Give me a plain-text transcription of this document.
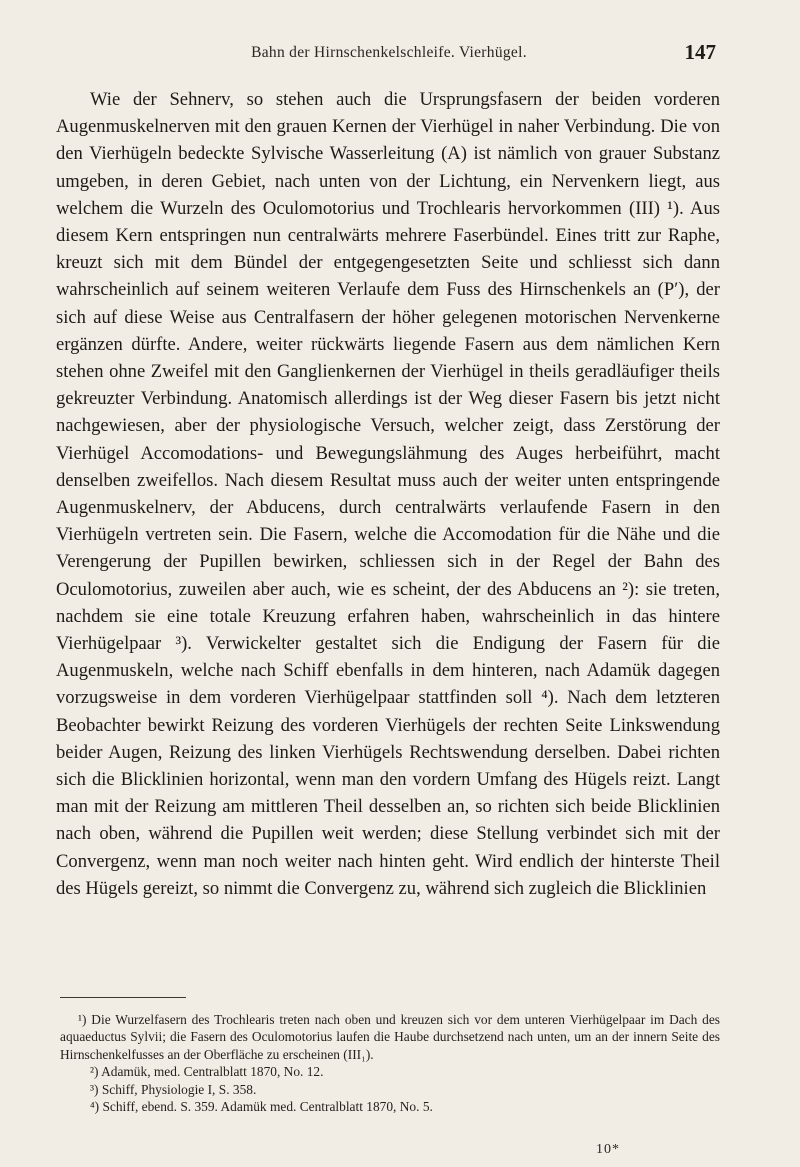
Bahn der Hirnschenkelschleife. Vierhügel.	147

Wie der Sehnerv, so stehen auch die Ursprungsfasern der beiden vorderen Augenmuskelnerven mit den grauen Kernen der Vierhügel in naher Verbindung. Die von den Vierhügeln bedeckte Sylvische Wasserleitung (A) ist nämlich von grauer Substanz umgeben, in deren Gebiet, nach unten von der Lichtung, ein Nervenkern liegt, aus welchem die Wurzeln des Oculomotorius und Trochlearis hervorkommen (III) ¹). Aus diesem Kern entspringen nun centralwärts mehrere Faserbündel. Eines tritt zur Raphe, kreuzt sich mit dem Bündel der entgegengesetzten Seite und schliesst sich dann wahrscheinlich auf seinem weiteren Verlaufe dem Fuss des Hirnschenkels an (P′), der sich auf diese Weise aus Centralfasern der höher gelegenen motorischen Nervenkerne ergänzen dürfte. Andere, weiter rückwärts liegende Fasern aus dem nämlichen Kern stehen ohne Zweifel mit den Ganglienkernen der Vierhügel in theils geradläufiger theils gekreuzter Verbindung. Anatomisch allerdings ist der Weg dieser Fasern bis jetzt nicht nachgewiesen, aber der physiologische Versuch, welcher zeigt, dass Zerstörung der Vierhügel Accomodations- und Bewegungslähmung des Auges herbeiführt, macht denselben zweifellos. Nach diesem Resultat muss auch der weiter unten entspringende Augenmuskelnerv, der Abducens, durch centralwärts verlaufende Fasern in den Vierhügeln vertreten sein. Die Fasern, welche die Accomodation für die Nähe und die Verengerung der Pupillen bewirken, schliessen sich in der Regel der Bahn des Oculomotorius, zuweilen aber auch, wie es scheint, der des Abducens an ²): sie treten, nachdem sie eine totale Kreuzung erfahren haben, wahrscheinlich in das hintere Vierhügelpaar ³). Verwickelter gestaltet sich die Endigung der Fasern für die Augenmuskeln, welche nach Schiff ebenfalls in dem hinteren, nach Adamük dagegen vorzugsweise in dem vorderen Vierhügelpaar stattfinden soll ⁴). Nach dem letzteren Beobachter bewirkt Reizung des vorderen Vierhügels der rechten Seite Linkswendung beider Augen, Reizung des linken Vierhügels Rechtswendung derselben. Dabei richten sich die Blicklinien horizontal, wenn man den vordern Umfang des Hügels reizt. Langt man mit der Reizung am mittleren Theil desselben an, so richten sich beide Blicklinien nach oben, während die Pupillen weit werden; diese Stellung verbindet sich mit der Convergenz, wenn man noch weiter nach hinten geht. Wird endlich der hinterste Theil des Hügels gereizt, so nimmt die Convergenz zu, während sich zugleich die Blicklinien

¹) Die Wurzelfasern des Trochlearis treten nach oben und kreuzen sich vor dem unteren Vierhügelpaar im Dach des aquaeductus Sylvii; die Fasern des Oculomotorius laufen die Haube durchsetzend nach unten, um an der innern Seite des Hirnschenkelfusses an der Oberfläche zu erscheinen (III₁).

²) Adamük, med. Centralblatt 1870, No. 12.

³) Schiff, Physiologie I, S. 358.

⁴) Schiff, ebend. S. 359. Adamük med. Centralblatt 1870, No. 5.

10*
